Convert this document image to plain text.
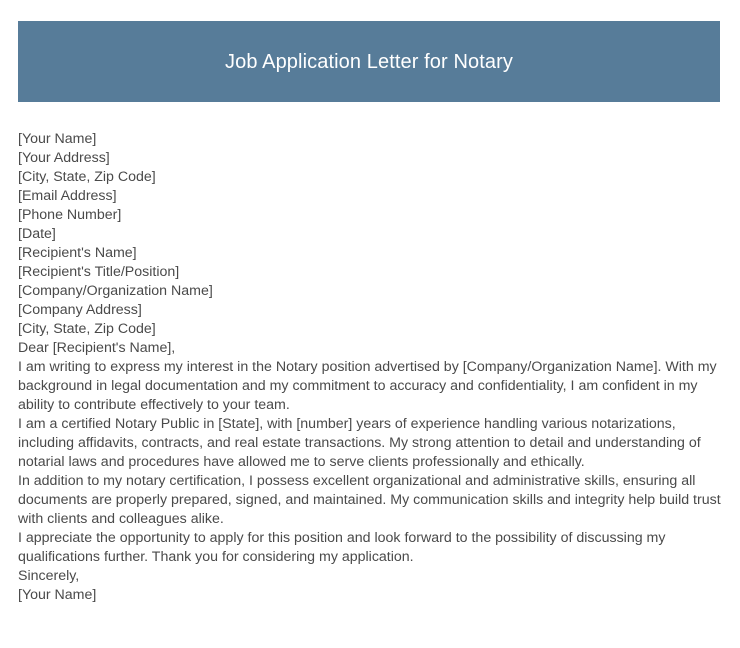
Job Application Letter for Notary
[Your Name]
[Your Address]
[City, State, Zip Code]
[Email Address]
[Phone Number]
[Date]
[Recipient's Name]
[Recipient's Title/Position]
[Company/Organization Name]
[Company Address]
[City, State, Zip Code]
Dear [Recipient's Name],
I am writing to express my interest in the Notary position advertised by [Company/Organization Name]. With my background in legal documentation and my commitment to accuracy and confidentiality, I am confident in my ability to contribute effectively to your team.
I am a certified Notary Public in [State], with [number] years of experience handling various notarizations, including affidavits, contracts, and real estate transactions. My strong attention to detail and understanding of notarial laws and procedures have allowed me to serve clients professionally and ethically.
In addition to my notary certification, I possess excellent organizational and administrative skills, ensuring all documents are properly prepared, signed, and maintained. My communication skills and integrity help build trust with clients and colleagues alike.
I appreciate the opportunity to apply for this position and look forward to the possibility of discussing my qualifications further. Thank you for considering my application.
Sincerely,
[Your Name]
